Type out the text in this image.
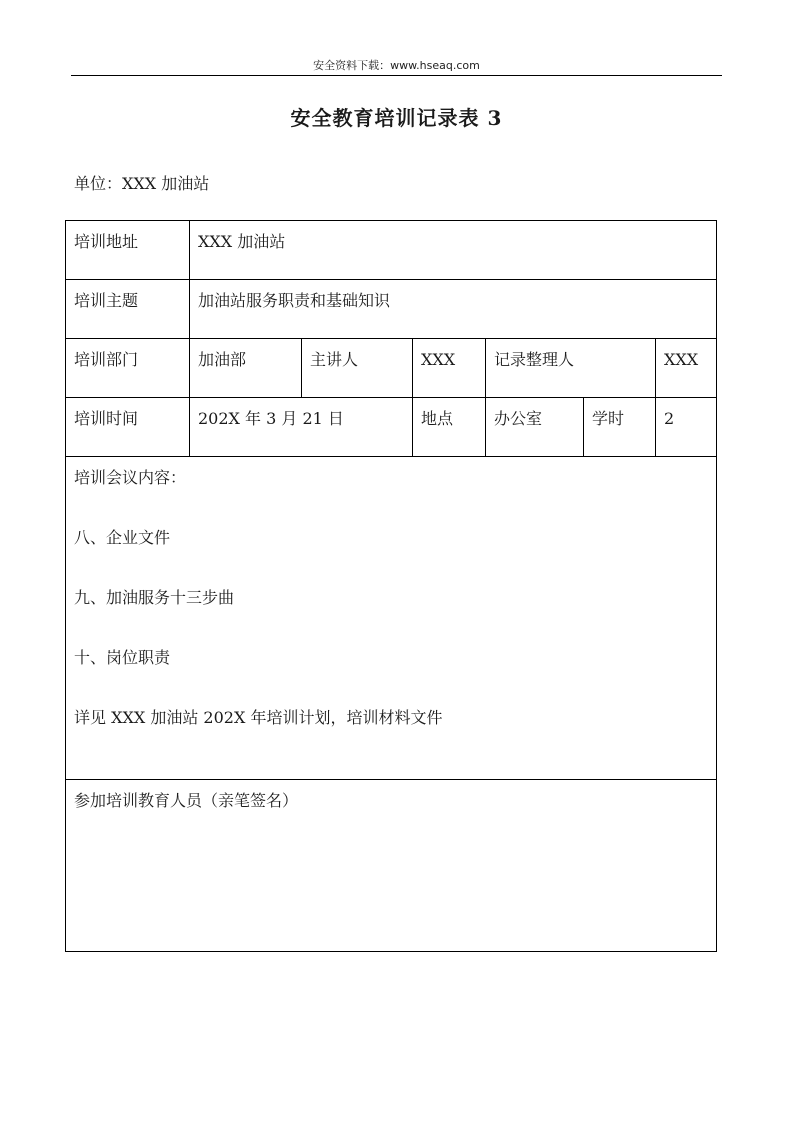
安全资料下载：www.hseaq.com
安全教育培训记录表 3
单位：XXX 加油站
培训地址	XXX 加油站					
培训主题	加油站服务职责和基础知识					
培训部门	加油部	主讲人	XXX	记录整理人		XXX
培训时间	202X 年 3 月 21 日		地点	办公室	学时	2

培训会议内容：
八、企业文件
九、加油服务十三步曲
十、岗位职责
详见 XXX 加油站 202X 年培训计划，培训材料文件						

参加培训教育人员（亲笔签名）						
